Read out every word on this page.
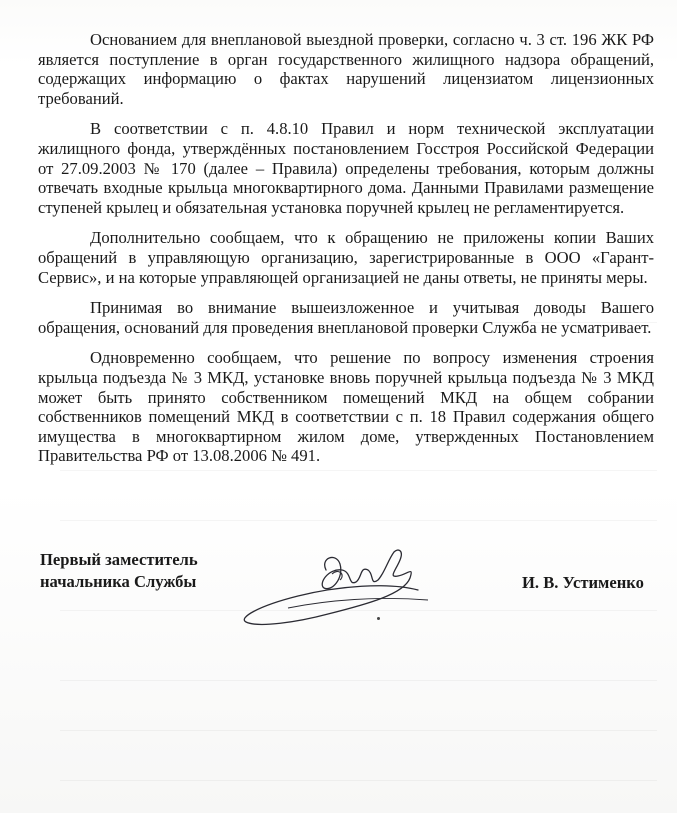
Основанием для внеплановой выездной проверки, согласно ч. 3 ст. 196 ЖК РФ является поступление в орган государственного жилищного надзора обращений, содержащих информацию о фактах нарушений лицензиатом лицензионных требований.

В соответствии с п. 4.8.10 Правил и норм технической эксплуатации жилищного фонда, утверждённых постановлением Госстроя Российской Федерации от 27.09.2003 № 170 (далее – Правила) определены требования, которым должны отвечать входные крыльца многоквартирного дома. Данными Правилами размещение ступеней крылец и обязательная установка поручней крылец не регламентируется.

Дополнительно сообщаем, что к обращению не приложены копии Ваших обращений в управляющую организацию, зарегистрированные в ООО «Гарант-Сервис», и на которые управляющей организацией не даны ответы, не приняты меры.

Принимая во внимание вышеизложенное и учитывая доводы Вашего обращения, оснований для проведения внеплановой проверки Служба не усматривает.

Одновременно сообщаем, что решение по вопросу изменения строения крыльца подъезда № 3 МКД, установке вновь поручней крыльца подъезда № 3 МКД может быть принято собственником помещений МКД на общем собрании собственников помещений МКД в соответствии с п. 18 Правил содержания общего имущества в многоквартирном жилом доме, утвержденных Постановлением Правительства РФ от 13.08.2006 № 491.

Первый заместитель
начальника Службы	И. В. Устименко
